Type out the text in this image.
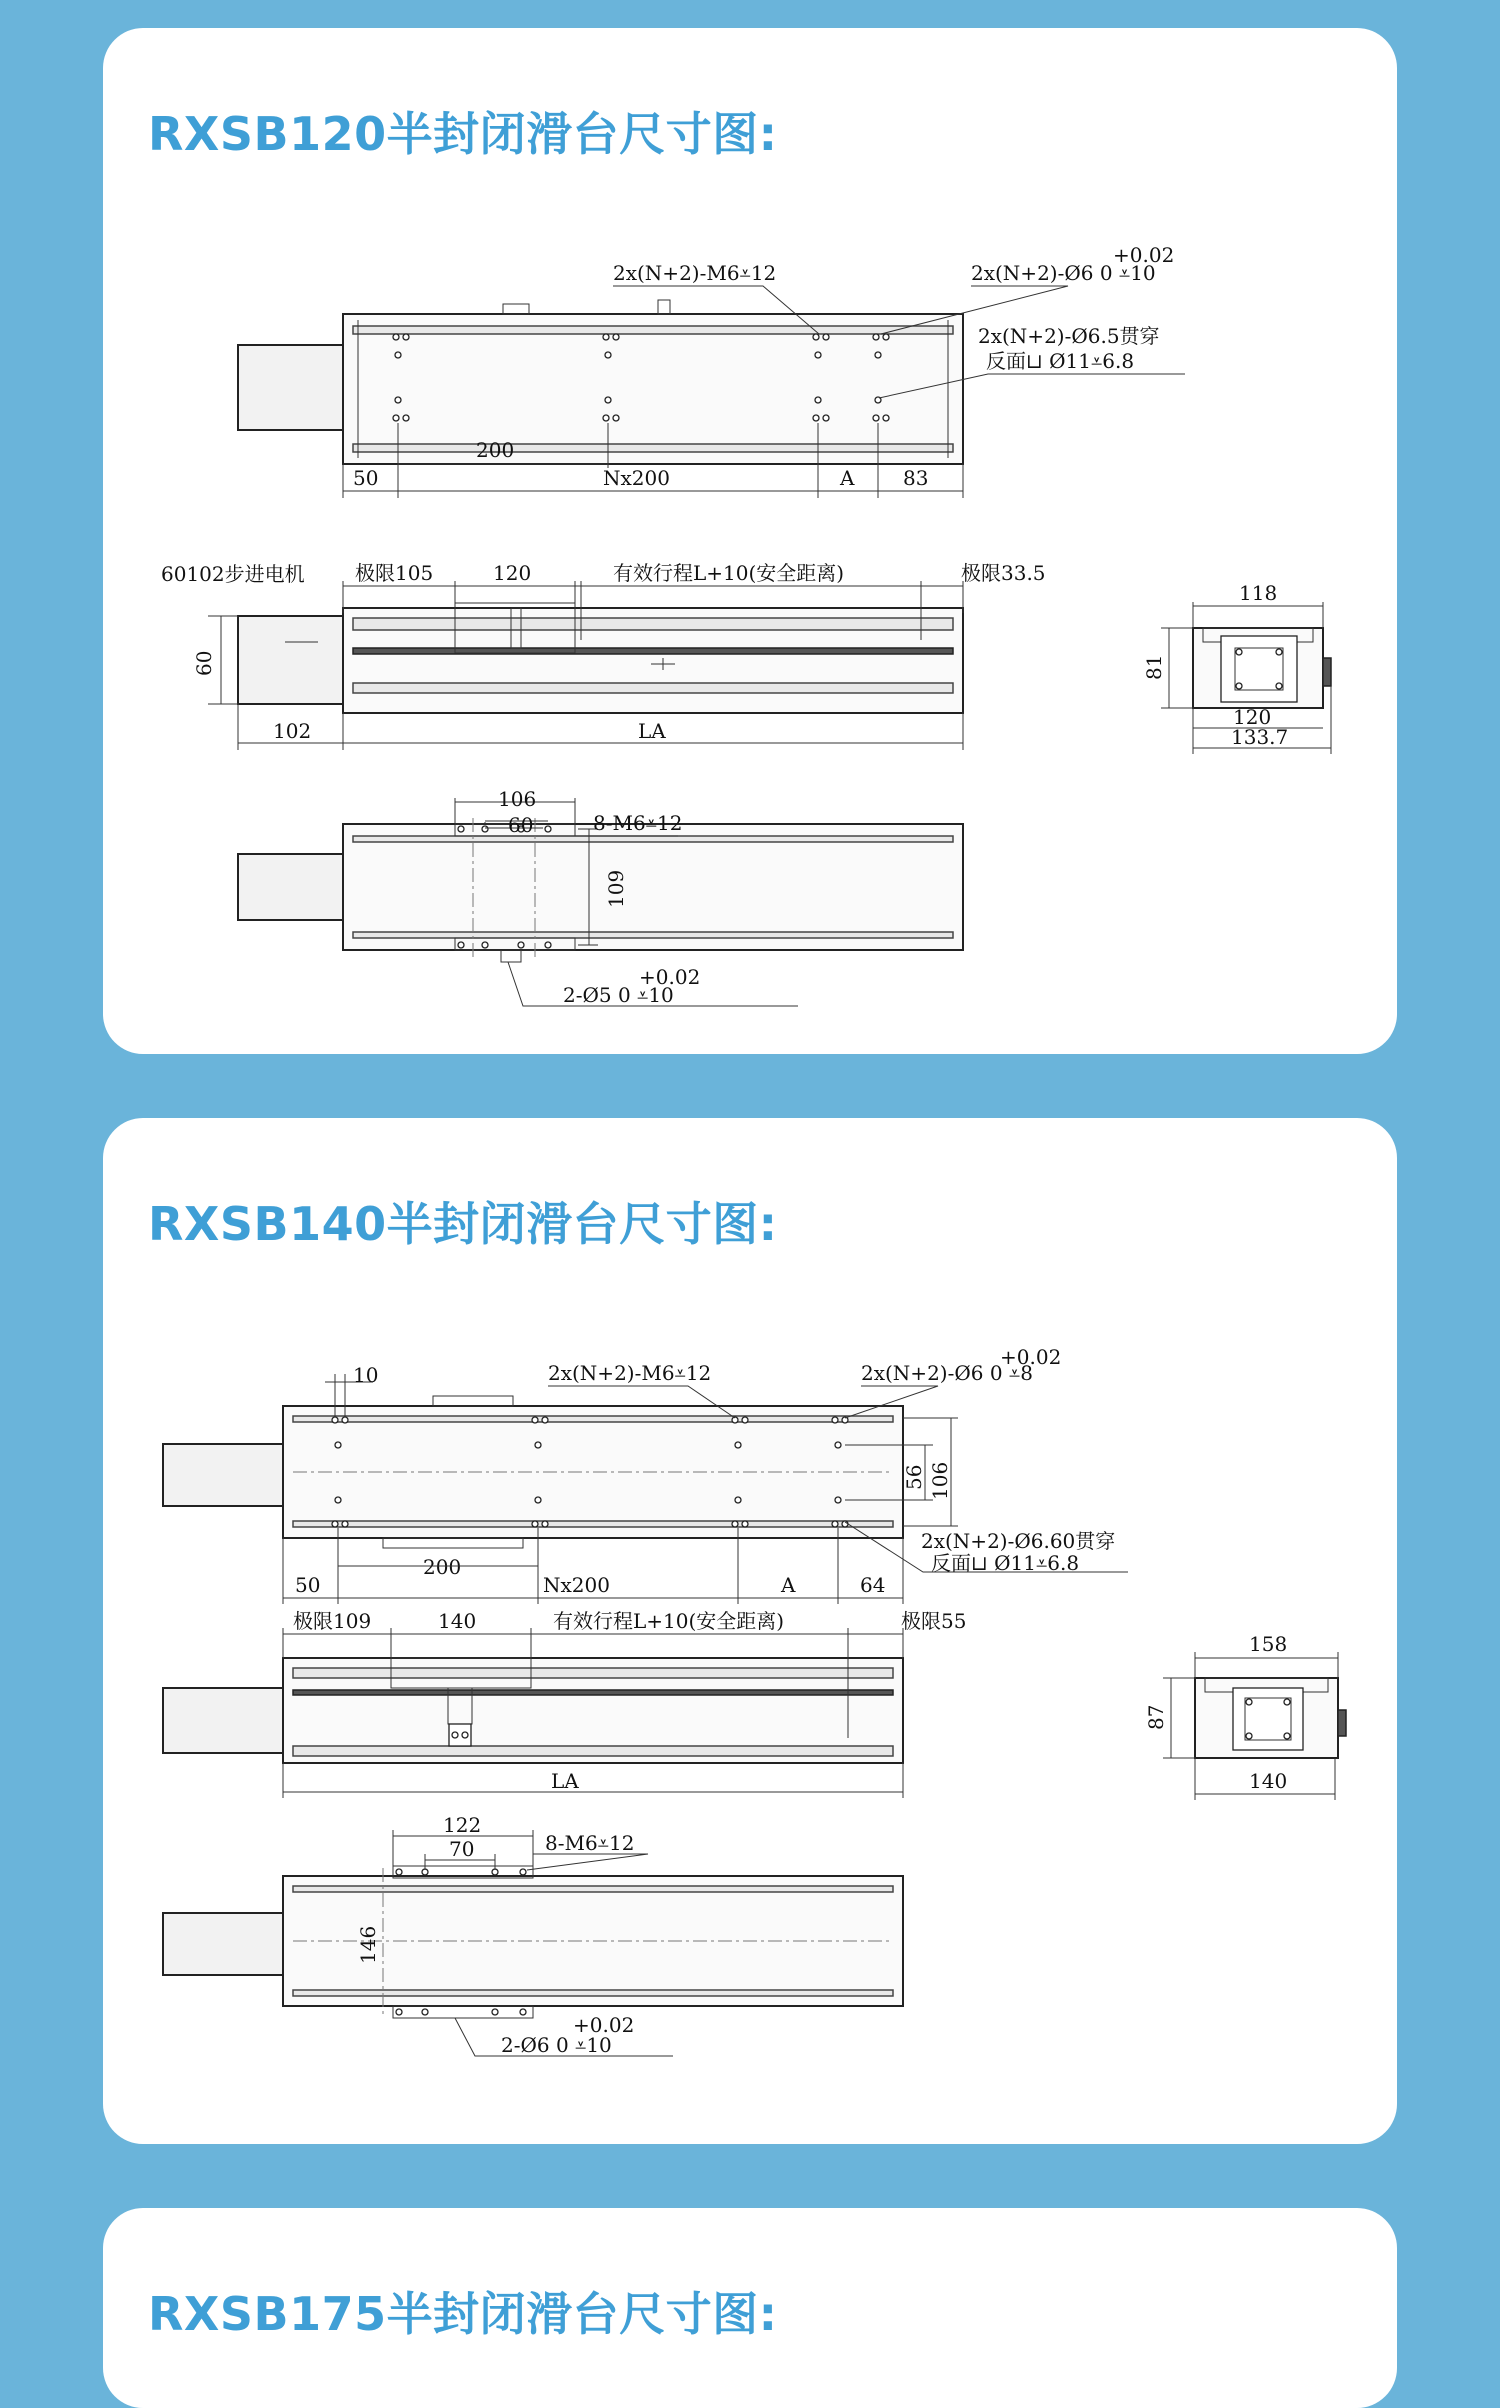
RXSB120半封闭滑台尺寸图:
200
50	Nx200	A 83
2x(N+2)-M6⩡12
+0.02
2x(N+2)-Ø6 0 ⩡10
2x(N+2)-Ø6.5贯穿
反面⊔ Ø11⩡6.8
60102步进电机	极限105	120	有效行程L+10(安全距离)	极限33.5
60
102	LA
118
81
120
133.7
106
60	8-M6⩡12
109
+0.02
2-Ø5 0 ⩡10
RXSB140半封闭滑台尺寸图:
10	2x(N+2)-M6⩡12
+0.02
2x(N+2)-Ø6 0 ⩡8
56 106
2x(N+2)-Ø6.60贯穿
反面⊔ Ø11⩡6.8
50
200
Nx200	A	64
极限109	140	有效行程L+10(安全距离)	极限55
LA
158
87
140
122
70	8-M6⩡12
146
+0.02
2-Ø6 0 ⩡10
RXSB175半封闭滑台尺寸图:
